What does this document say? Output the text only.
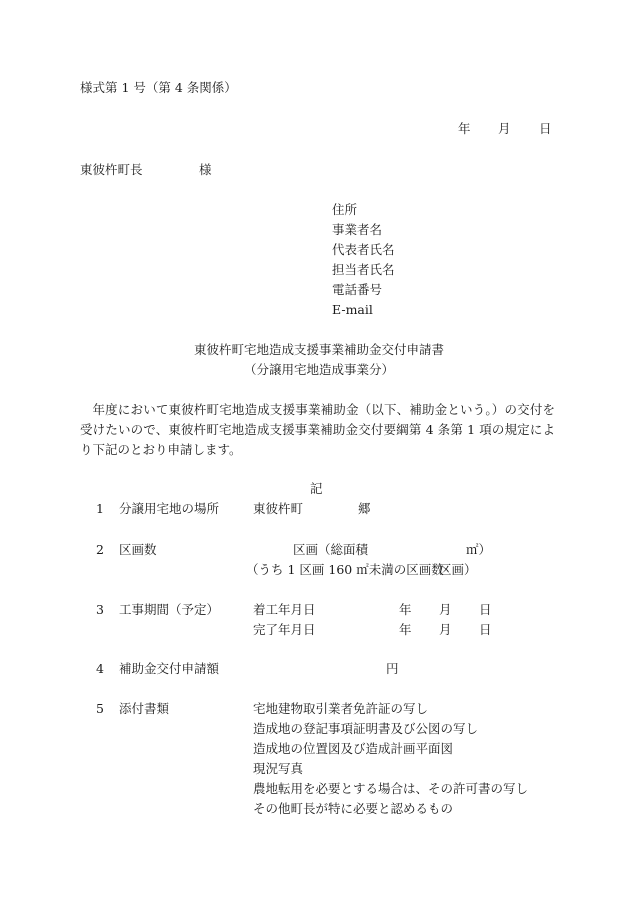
様式第 1 号（第 4 条関係）
年 月 日
東彼杵町長	様
住所
事業者名
代表者氏名
担当者氏名
電話番号
E-mail
東彼杵町宅地造成支援事業補助金交付申請書
（分譲用宅地造成事業分）
年度において東彼杵町宅地造成支援事業補助金（以下、補助金という。）の交付を受けたいので、東彼杵町宅地造成支援事業補助金交付要綱第 4 条第 1 項の規定により下記のとおり申請します。
記
1 分譲用宅地の場所	東彼杵町	郷
2 区画数	区画（総面積	㎡）
（うち 1 区画 160 ㎡未満の区画数
区画）
3 工事期間（予定）	着工年月日	年 月 日
完了年月日	年 月 日
4 補助金交付申請額	円
5 添付書類	宅地建物取引業者免許証の写し
造成地の登記事項証明書及び公図の写し
造成地の位置図及び造成計画平面図
現況写真
農地転用を必要とする場合は、その許可書の写し
その他町長が特に必要と認めるもの
